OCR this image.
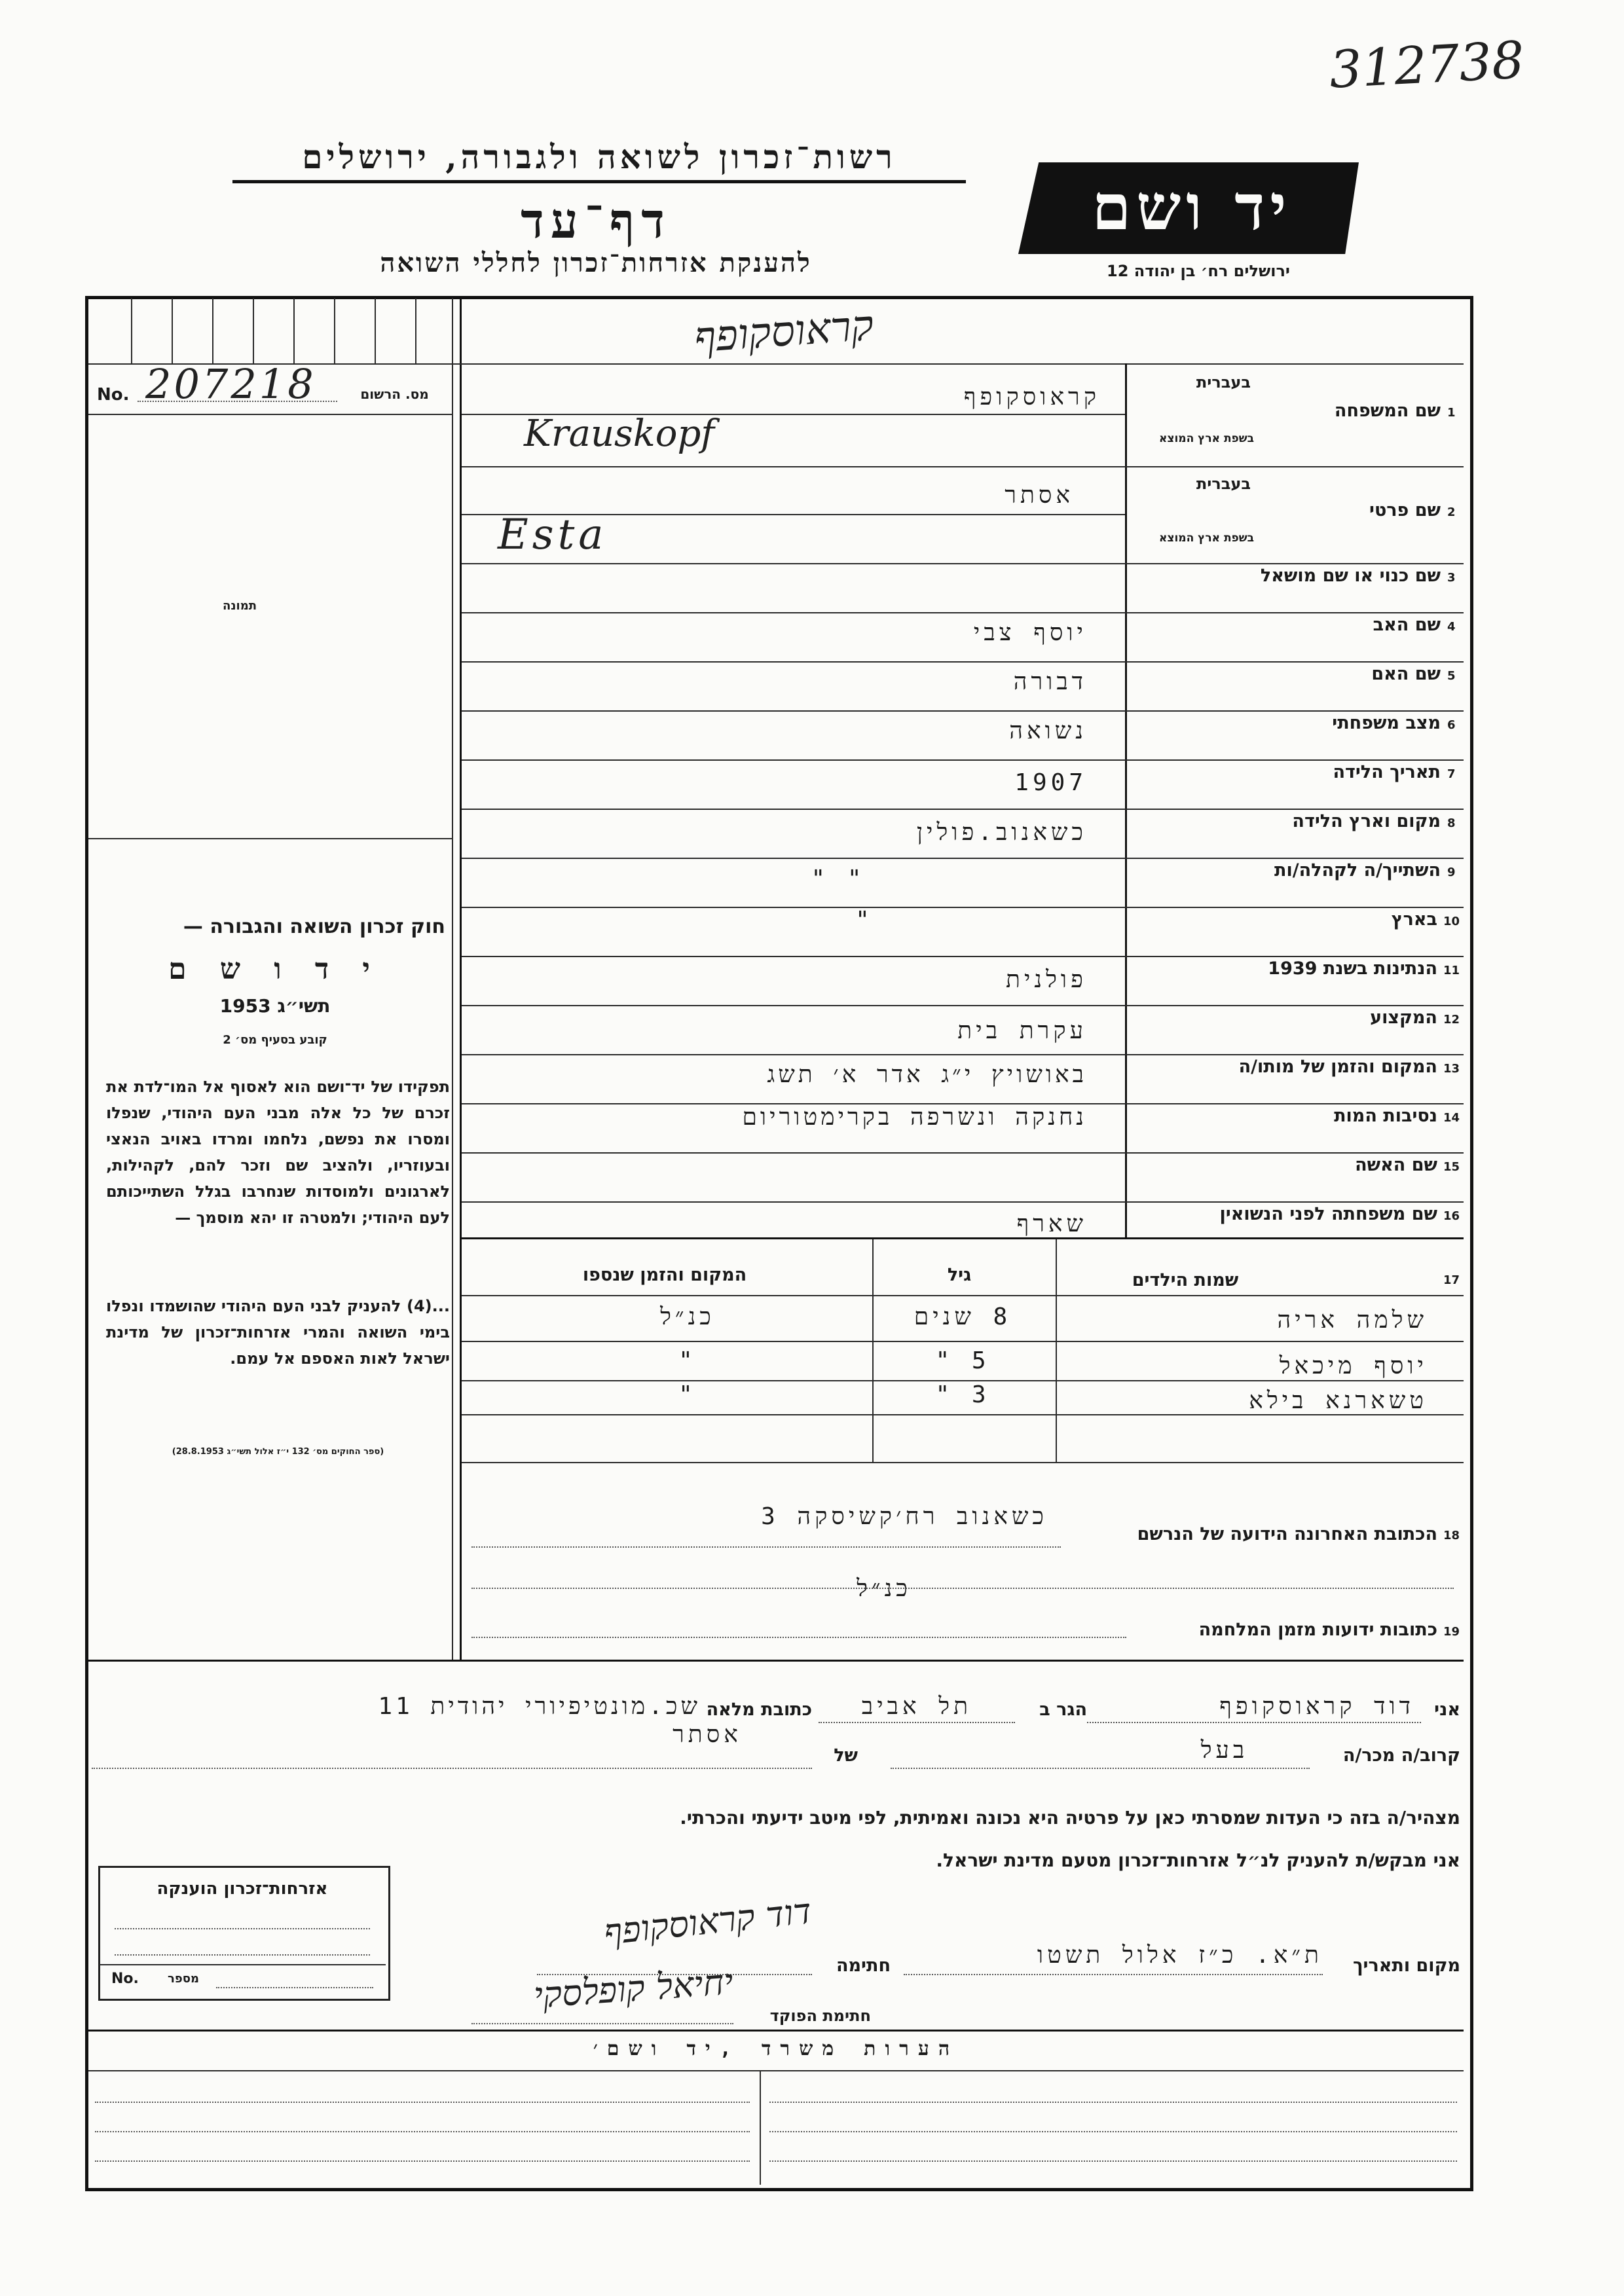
312738
רשות־זכרון לשואה ולגבורה, ירושלים
דף־עד
להענקת אזרחות־זכרון לחללי השואה
יד ושם
ירושלים רח׳ בן יהודה 12
קראוסקופף
No. 207218	מס. הרשום
תמונה
חוק זכרון השואה והגבורה —
י ד ו ש ם
תשי״ג 1953
קובע בסעיף מס׳ 2
תפקידו של יד־ושם הוא לאסוף אל המו־לדת את זכרם של כל אלה מבני העם היהודי, שנפלו ומסרו את נפשם, נלחמו ומרדו באויב הנאצי ובעוזריו, ולהציב שם וזכר להם, לקהילות, לארגונים ולמוסדות שנחרבו בגלל השתייכותם לעם היהודי; ולמטרה זו יהא מוסמך —
...(4) להעניק לבני העם היהודי שהושמדו ונפלו בימי השואה והמרי אזרחות־זכרון של מדינת ישראל לאות האספם אל עמם.
(ספר החוקים מס׳ 132 י״ז אלול תשי״ג 28.8.1953)
1
שם המשפחה
בעברית
בשפת ארץ המוצא
קראוסקופף
Krauskopf
2
שם פרטי
בעברית
בשפת ארץ המוצא
אסתר
Esta
3
שם כנוי או שם מושאל
4
שם האב
יוסף צבי
5
שם האם
דבורה
6
מצב משפחתי
נשואה
7
תאריך הלידה
1907
8
מקום וארץ הלידה
כשאנוב.פולין
9
השתייך/ה לקהלה/ות
" "
10
בארץ
"
11
הנתינות בשנת 1939
פולנית
12
המקצוע
עקרת בית
13
המקום והזמן של מותו/ה
באושויץ י״ג אדר א׳ תשג
14
נסיבות המות
נחנקה ונשרפה בקרימטוריום
15
שם האשה
16
שם משפחתה לפני הנשואין
שארף
17
שמות הילדים
גיל
המקום והזמן שנספו
שלמה אריה
8 שנים
כנ״ל
יוסף מיכאל
5 "
"
טשארנא בילא
3 "
"
18
הכתובת האחרונה הידועה של הנרשם
כשאנוב רח׳קשיסקה 3
כנ״ל
19
כתובות ידועות מזמן המלחמה
אני
דוד קראוסקופף
הגר ב
תל אביב
כתובת מלאה
שכ.מונטיפיורי יהודית 11
קרוב/ה מכר/ה
בעל
של
אסתר
מצהיר/ה בזה כי העדות שמסרתי כאן על פרטיה היא נכונה ואמיתית, לפי מיטב ידיעתי והכרתי.
אני מבקש/ת להעניק לנ״ל אזרחות־זכרון מטעם מדינת ישראל.
מקום ותאריך
ת״א. כ״ז אלול תשטו
חתימה
דוד קראוסקופף
חתימת הפוקד
יחיאל קופלסקי
אזרחות־זכרון הוענקה
No.	מספר
הערות משרד ,יד ושם׳
